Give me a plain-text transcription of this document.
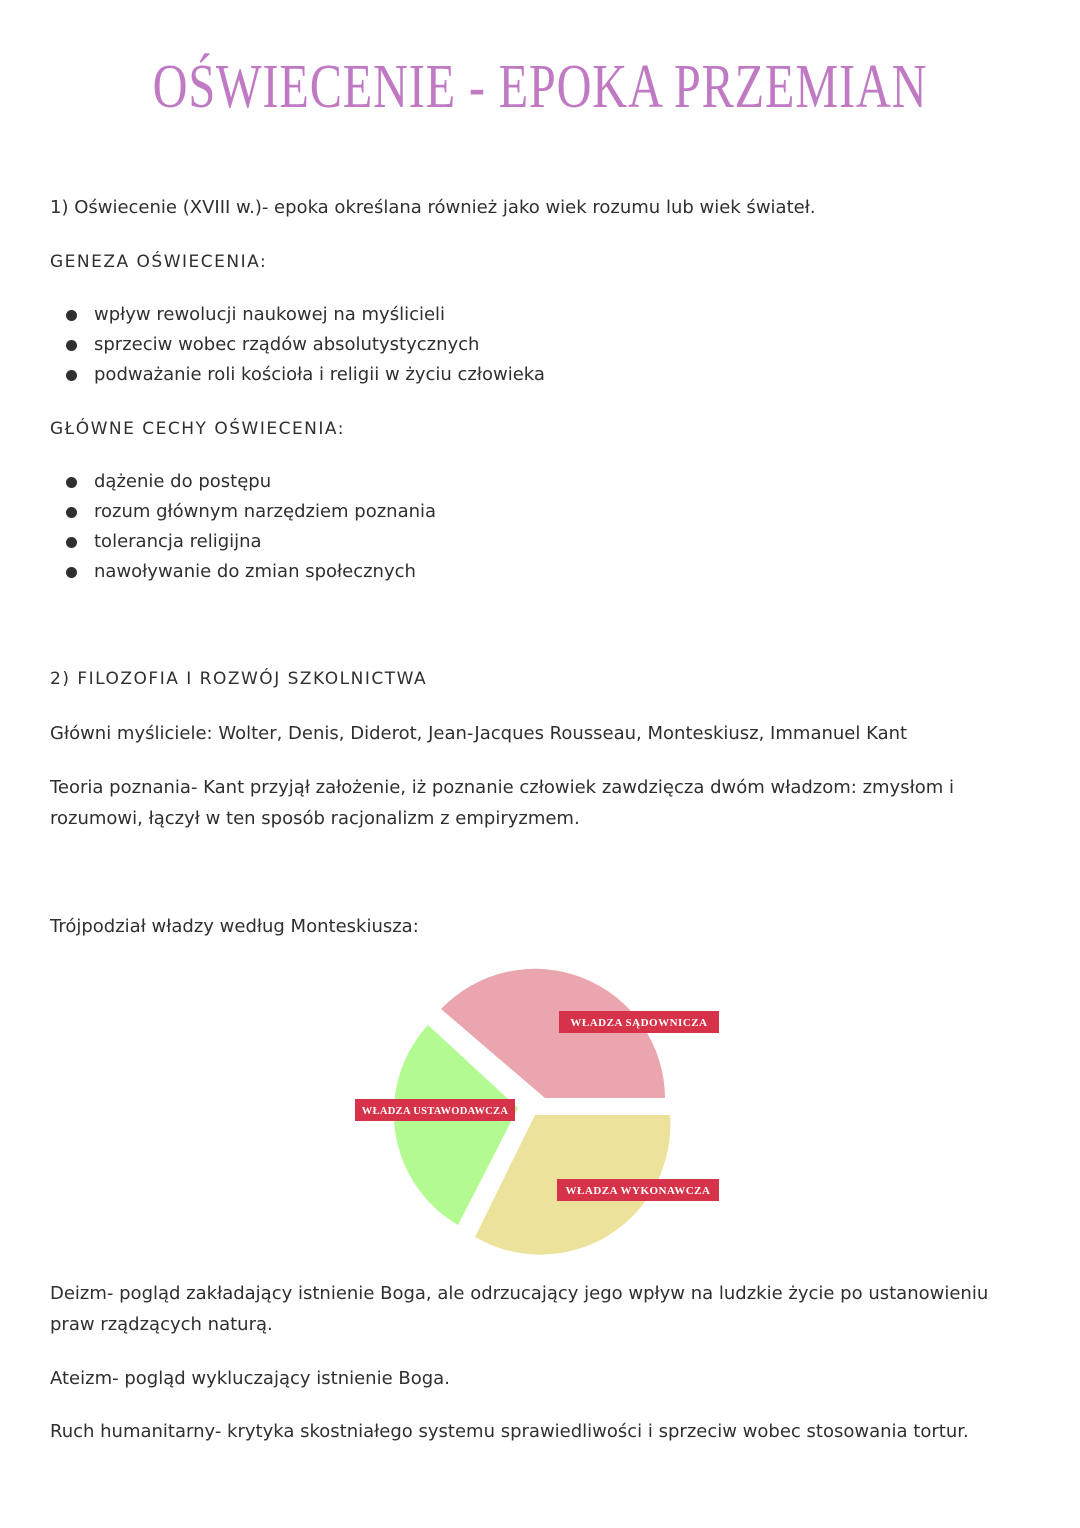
OŚWIECENIE - EPOKA PRZEMIAN

1) Oświecenie (XVIII w.)- epoka określana również jako wiek rozumu lub wiek świateł.

GENEZA OŚWIECENIA:

wpływ rewolucji naukowej na myślicieli
sprzeciw wobec rządów absolutystycznych
podważanie roli kościoła i religii w życiu człowieka

GŁÓWNE CECHY OŚWIECENIA:

dążenie do postępu
rozum głównym narzędziem poznania
tolerancja religijna
nawoływanie do zmian społecznych

2) FILOZOFIA I ROZWÓJ SZKOLNICTWA

Główni myśliciele: Wolter, Denis, Diderot, Jean-Jacques Rousseau, Monteskiusz, Immanuel Kant

Teoria poznania- Kant przyjął założenie, iż poznanie człowiek zawdzięcza dwóm władzom: zmysłom i rozumowi, łączył w ten sposób racjonalizm z empiryzmem.

Trójpodział władzy według Monteskiusza:

WŁADZA SĄDOWNICZA
WŁADZA USTAWODAWCZA
WŁADZA WYKONAWCZA

Deizm- pogląd zakładający istnienie Boga, ale odrzucający jego wpływ na ludzkie życie po ustanowieniu praw rządzących naturą.

Ateizm- pogląd wykluczający istnienie Boga.

Ruch humanitarny- krytyka skostniałego systemu sprawiedliwości i sprzeciw wobec stosowania tortur.
